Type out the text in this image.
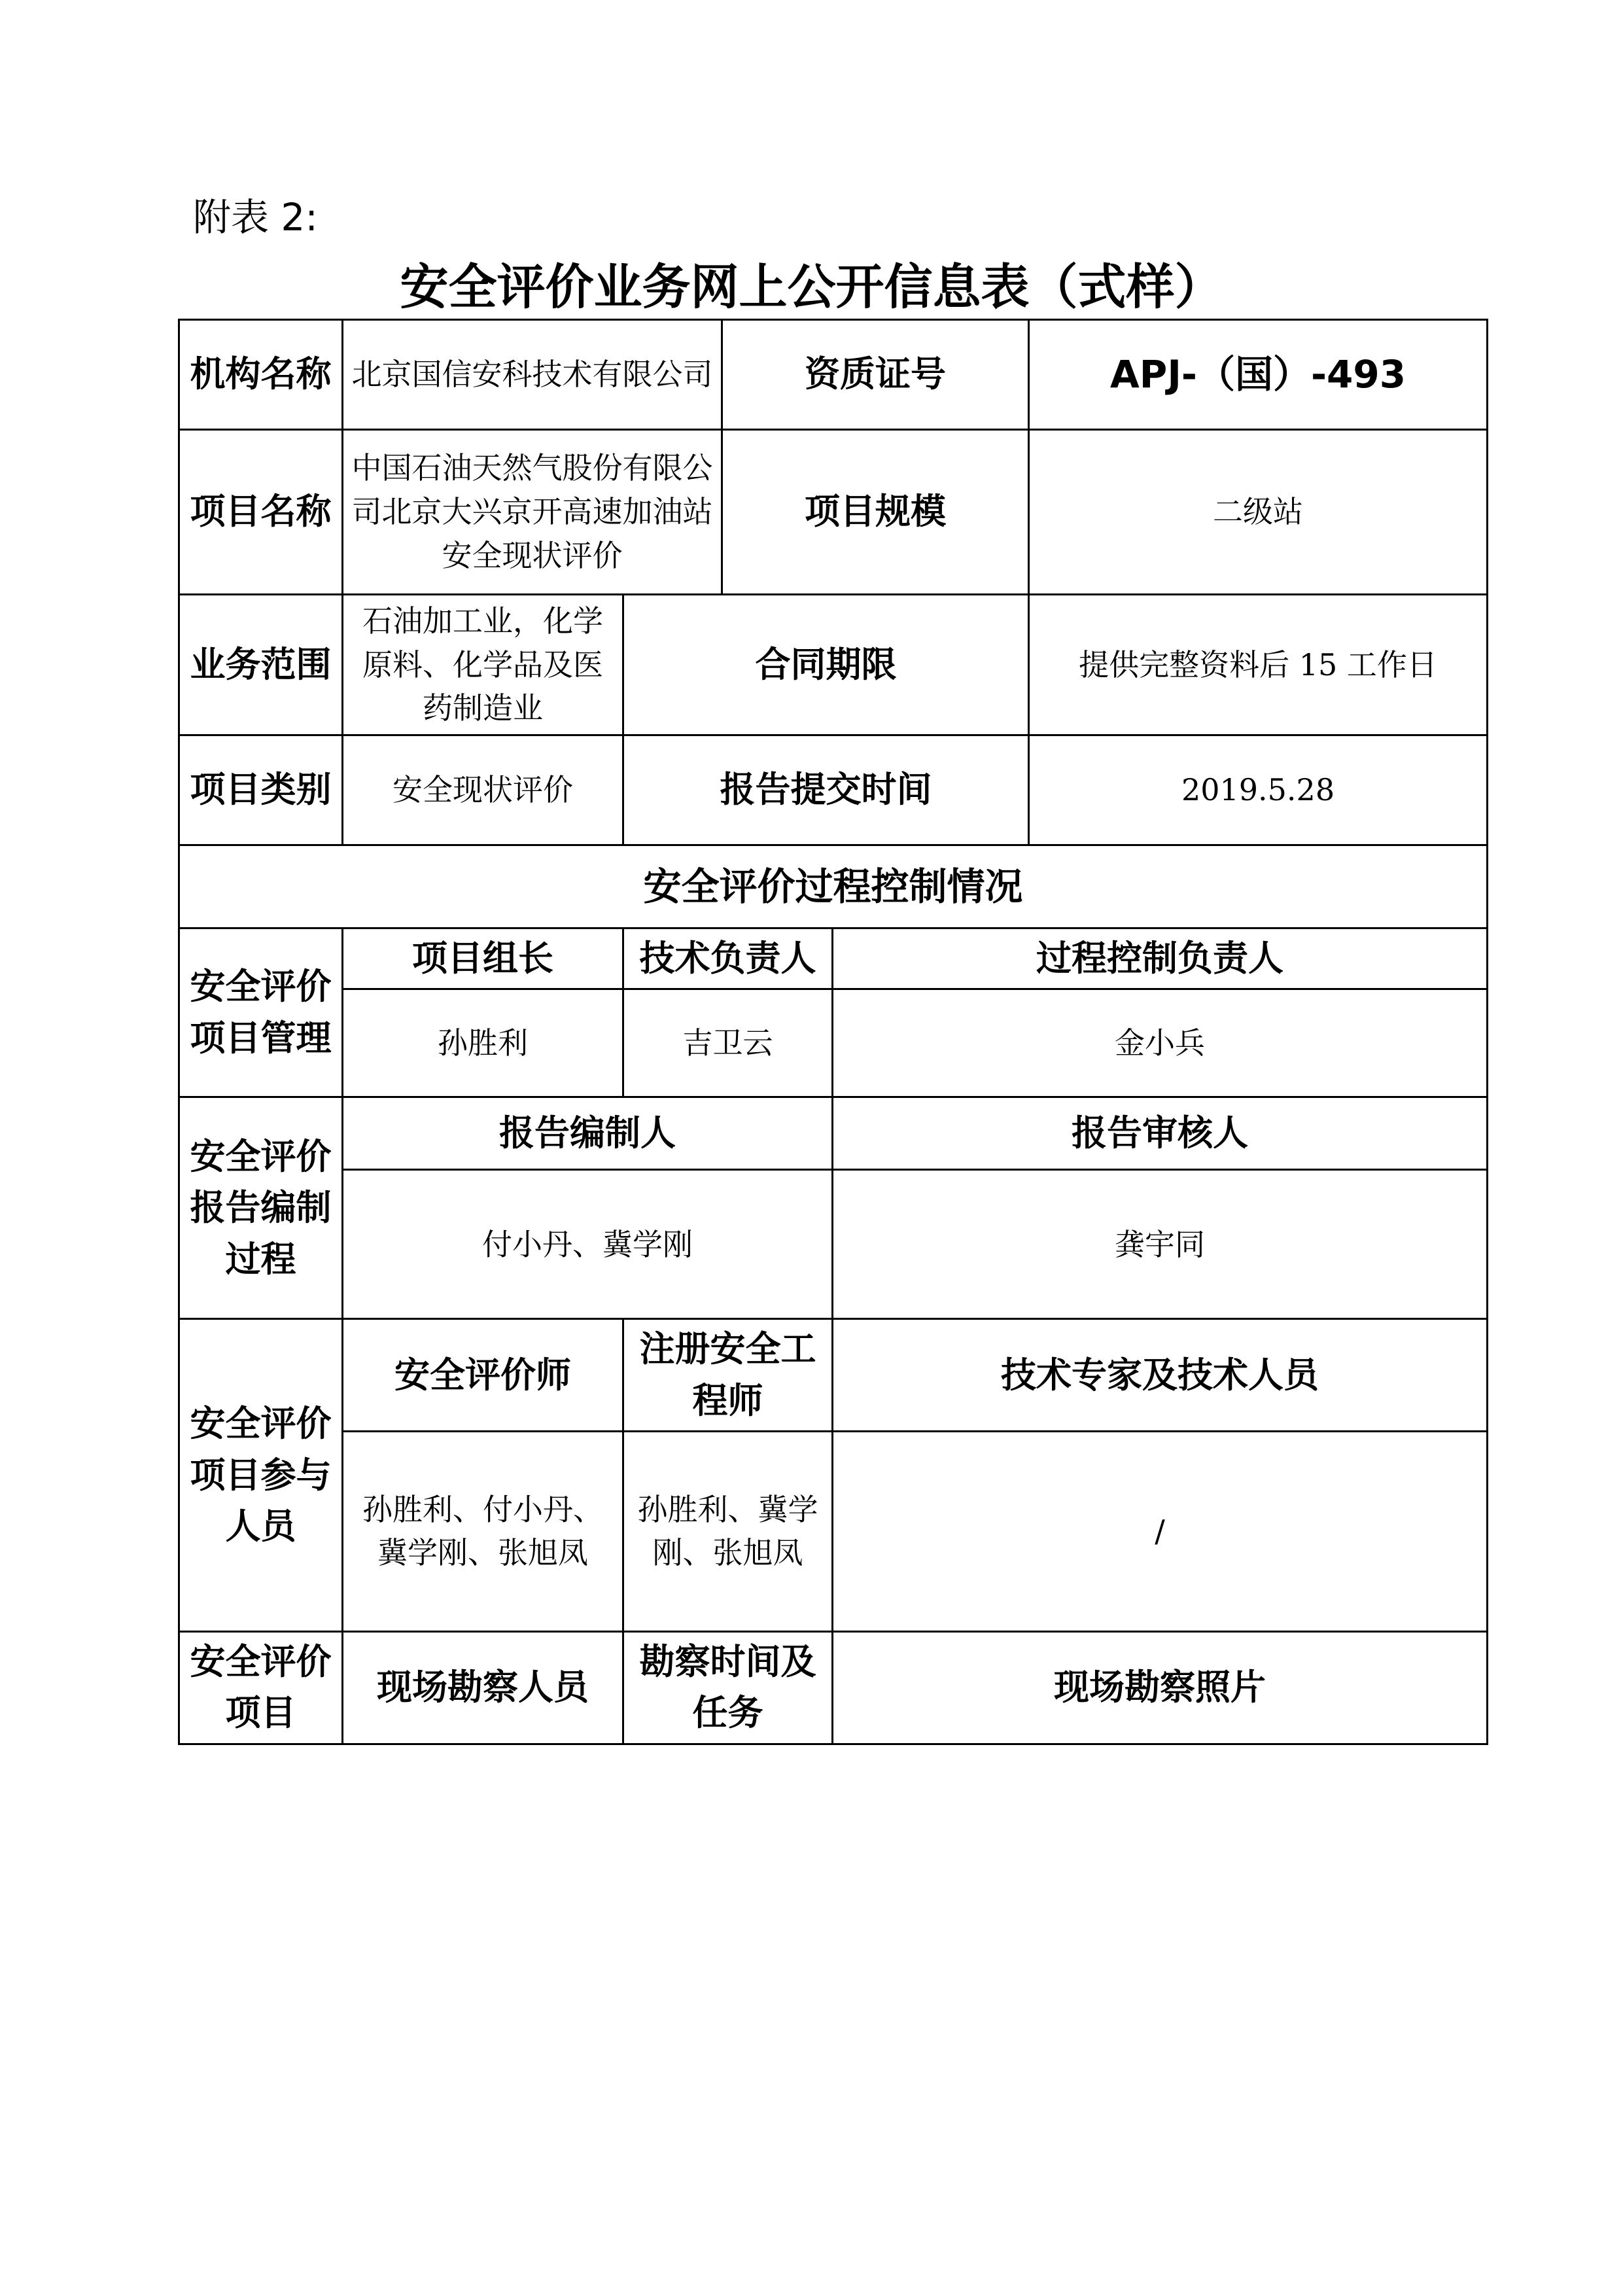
附表 2:
安全评价业务网上公开信息表（式样）
机构名称	北京国信安科技术有限公司		资质证号		APJ-（国）-493
项目名称	中国石油天然气股份有限公司北京大兴京开高速加油站安全现状评价		项目规模		二级站
业务范围	石油加工业，化学原料、化学品及医药制造业	合同期限			提供完整资料后 15 工作日
项目类别	安全现状评价	报告提交时间			2019.5.28
安全评价过程控制情况					
安全评价项目管理	项目组长	技术负责人		过程控制负责人	
	孙胜利	吉卫云		金小兵	
安全评价报告编制过程	报告编制人			报告审核人	
	付小丹、冀学刚			龚宇同	
安全评价项目参与人员	安全评价师	注册安全工程师		技术专家及技术人员	
	孙胜利、付小丹、冀学刚、张旭凤	孙胜利、冀学刚、张旭凤		/	
安全评价项目	现场勘察人员	勘察时间及任务		现场勘察照片	
